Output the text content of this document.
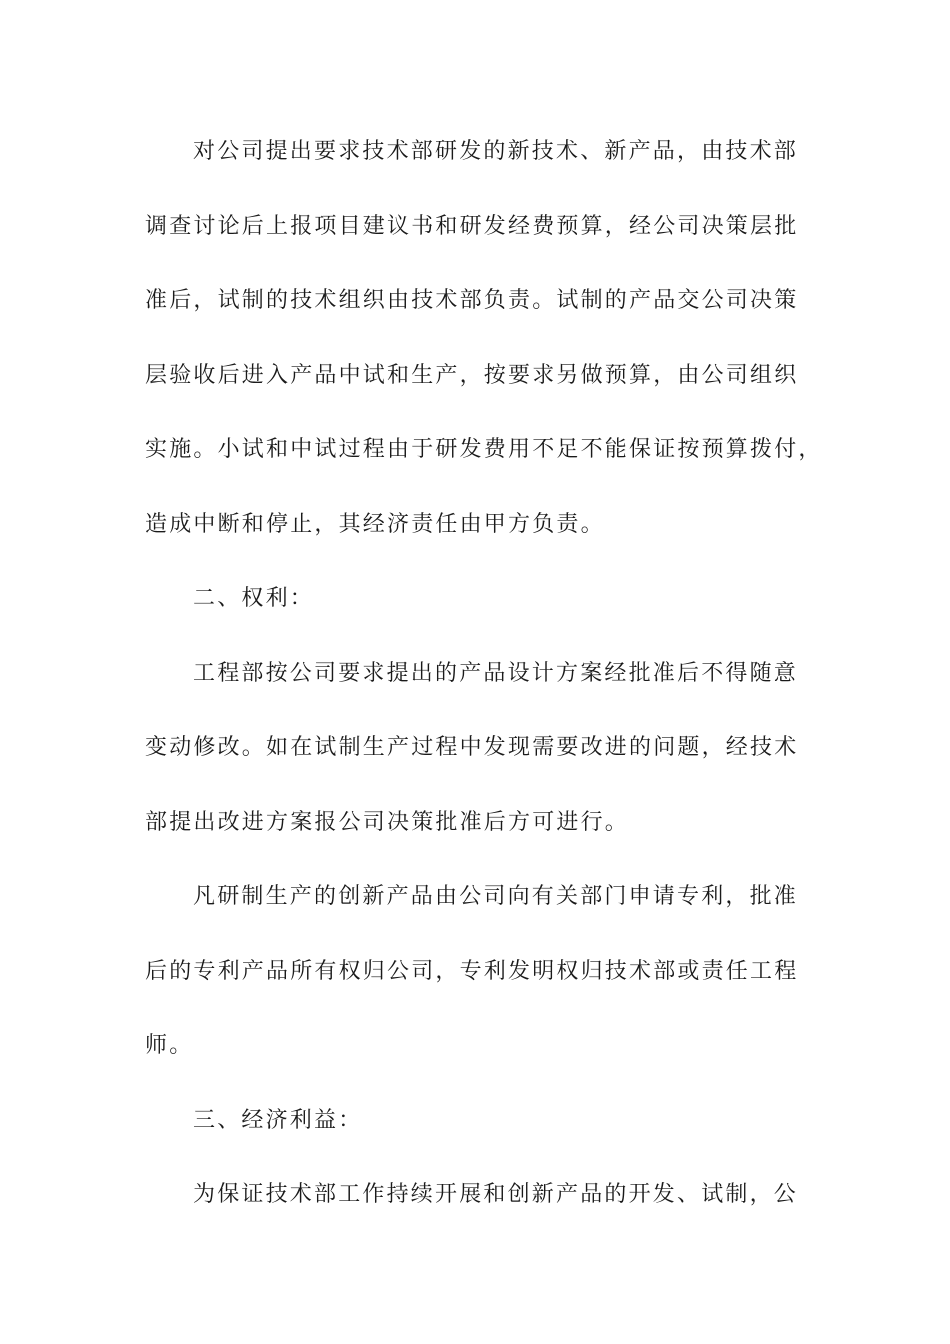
对公司提出要求技术部研发的新技术、新产品，由技术部
调查讨论后上报项目建议书和研发经费预算，经公司决策层批
准后，试制的技术组织由技术部负责。试制的产品交公司决策
层验收后进入产品中试和生产，按要求另做预算，由公司组织
实施。小试和中试过程由于研发费用不足不能保证按预算拨付，
造成中断和停止，其经济责任由甲方负责。
二、权利：
工程部按公司要求提出的产品设计方案经批准后不得随意
变动修改。如在试制生产过程中发现需要改进的问题，经技术
部提出改进方案报公司决策批准后方可进行。
凡研制生产的创新产品由公司向有关部门申请专利，批准
后的专利产品所有权归公司，专利发明权归技术部或责任工程
师。
三、经济利益：
为保证技术部工作持续开展和创新产品的开发、试制，公
